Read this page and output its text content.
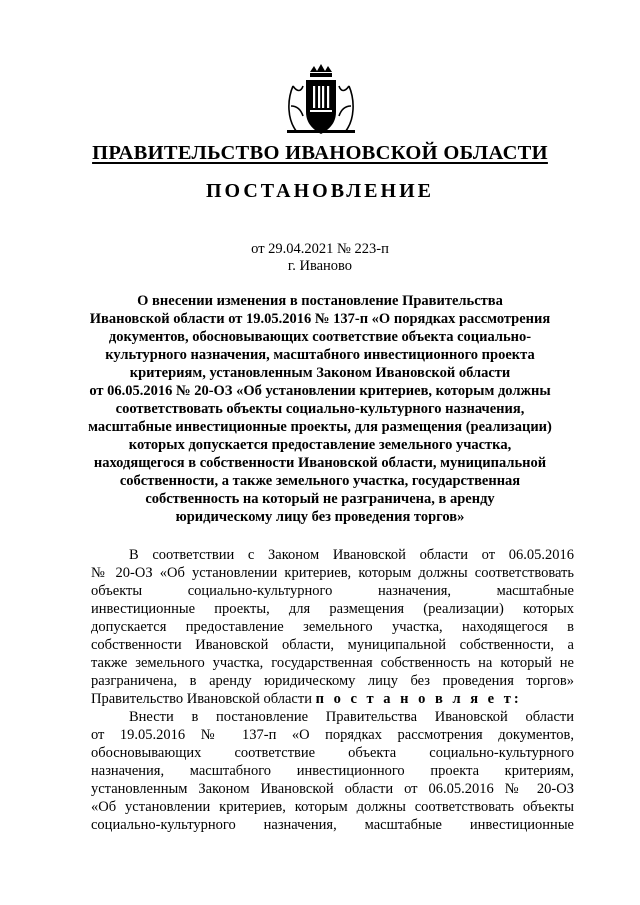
ПРАВИТЕЛЬСТВО ИВАНОВСКОЙ ОБЛАСТИ
ПОСТАНОВЛЕНИЕ
от 29.04.2021 № 223-п
г. Иваново
О внесении изменения в постановление Правительства
Ивановской области от 19.05.2016 № 137-п «О порядках рассмотрения
документов, обосновывающих соответствие объекта социально-
культурного назначения, масштабного инвестиционного проекта
критериям, установленным Законом Ивановской области
от 06.05.2016 № 20-ОЗ «Об установлении критериев, которым должны
соответствовать объекты социально-культурного назначения,
масштабные инвестиционные проекты, для размещения (реализации)
которых допускается предоставление земельного участка,
находящегося в собственности Ивановской области, муниципальной
собственности, а также земельного участка, государственная
собственность на который не разграничена, в аренду
юридическому лицу без проведения торгов»
В соответствии с Законом Ивановской области от 06.05.2016
№ 20-ОЗ «Об установлении критериев, которым должны соответствовать
объекты социально-культурного назначения, масштабные
инвестиционные проекты, для размещения (реализации) которых
допускается предоставление земельного участка, находящегося в
собственности Ивановской области, муниципальной собственности, а
также земельного участка, государственная собственность на который не
разграничена, в аренду юридическому лицу без проведения торгов»
Правительство Ивановской области п о с т а н о в л я е т:
Внести в постановление Правительства Ивановской области
от 19.05.2016 № 137-п «О порядках рассмотрения документов,
обосновывающих соответствие объекта социально-культурного
назначения, масштабного инвестиционного проекта критериям,
установленным Законом Ивановской области от 06.05.2016 № 20-ОЗ
«Об установлении критериев, которым должны соответствовать объекты
социально-культурного назначения, масштабные инвестиционные
